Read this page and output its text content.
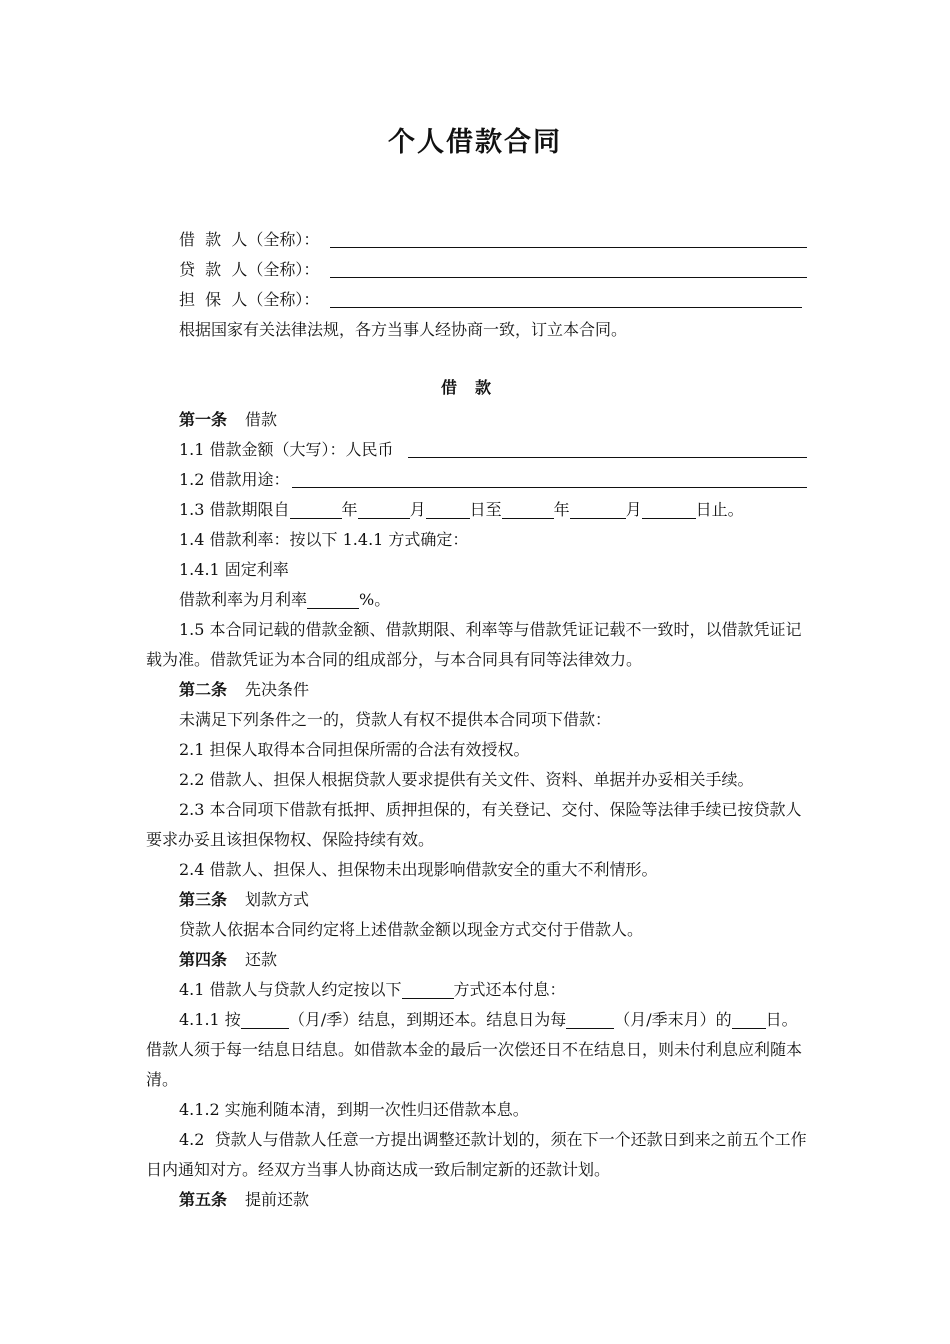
个人借款合同
借  款  人（全称）：
贷  款  人（全称）：
担  保  人（全称）：
根据国家有关法律法规，各方当事人经协商一致，订立本合同。
借款
第一条 借款
1.1 借款金额（大写）：人民币
1.2 借款用途：
1.3 借款期限自	年	月	日至	年	月	日止。
1.4 借款利率：按以下 1.4.1 方式确定：
1.4.1 固定利率
借款利率为月利率	%。
1.5 本合同记载的借款金额、借款期限、利率等与借款凭证记载不一致时，以借款凭证记载为准。借款凭证为本合同的组成部分，与本合同具有同等法律效力。
第二条 先决条件
未满足下列条件之一的，贷款人有权不提供本合同项下借款：
2.1 担保人取得本合同担保所需的合法有效授权。
2.2 借款人、担保人根据贷款人要求提供有关文件、资料、单据并办妥相关手续。
2.3 本合同项下借款有抵押、质押担保的，有关登记、交付、保险等法律手续已按贷款人要求办妥且该担保物权、保险持续有效。
2.4 借款人、担保人、担保物未出现影响借款安全的重大不利情形。
第三条 划款方式
贷款人依据本合同约定将上述借款金额以现金方式交付于借款人。
第四条 还款
4.1 借款人与贷款人约定按以下	方式还本付息：
4.1.1 按	（月/季）结息，到期还本。结息日为每	（月/季末月）的 日。借款人须于每一结息日结息。如借款本金的最后一次偿还日不在结息日，则未付利息应利随本清。
4.1.2 实施利随本清，到期一次性归还借款本息。
4.2  贷款人与借款人任意一方提出调整还款计划的，须在下一个还款日到来之前五个工作日内通知对方。经双方当事人协商达成一致后制定新的还款计划。
第五条 提前还款
